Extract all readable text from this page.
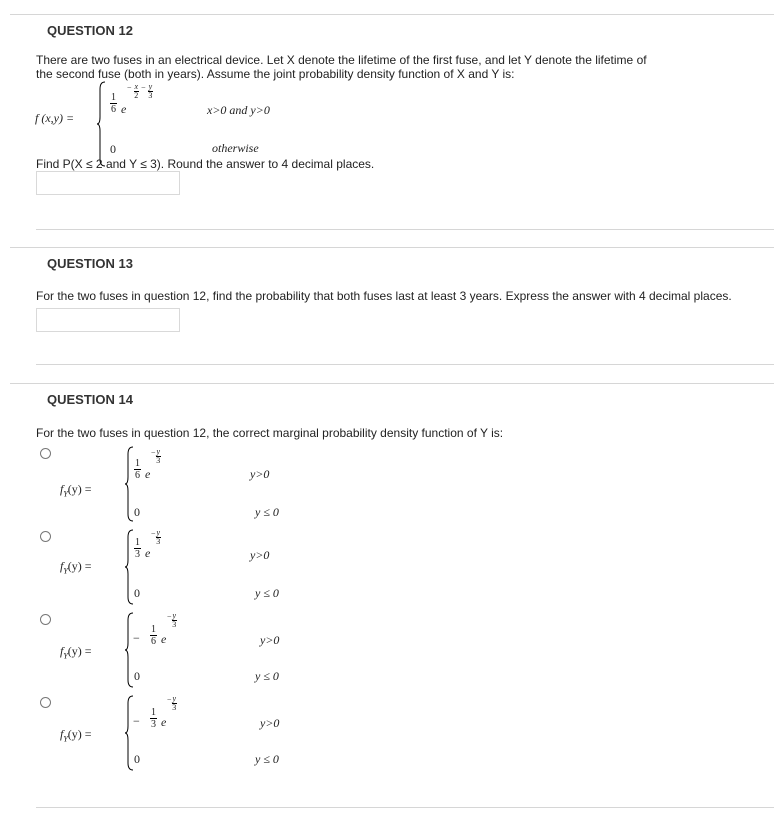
QUESTION 12
There are two fuses in an electrical device. Let X denote the lifetime of the first fuse, and let Y denote the lifetime of
the second fuse (both in years). Assume the joint probability density function of X and Y is:
f (x,y) =
$\frac{1}{6}$ e
− $\frac{x}{2} - \frac{y}{3}$
x>0 and y>0
0	otherwise
Find P(X ≤ 2 and Y ≤ 3). Round the answer to 4 decimal places.
QUESTION 13
For the two fuses in question 12, find the probability that both fuses last at least 3 years. Express the answer with 4 decimal places.
QUESTION 14
For the two fuses in question 12, the correct marginal probability density function of Y is:
$f_Y(y)$ =
$\frac{1}{6}$ e
− $\frac{y}{3}$
y>0
0	y ≤ 0
$f_Y(y)$ =
$\frac{1}{3}$ e
− $\frac{y}{3}$
y>0
0	y ≤ 0
$f_Y(y)$ =
− $\frac{1}{6}$ e
− $\frac{y}{3}$
y>0
0	y ≤ 0
$f_Y(y)$ =
− $\frac{1}{3}$ e
− $\frac{y}{3}$
y>0
0	y ≤ 0
